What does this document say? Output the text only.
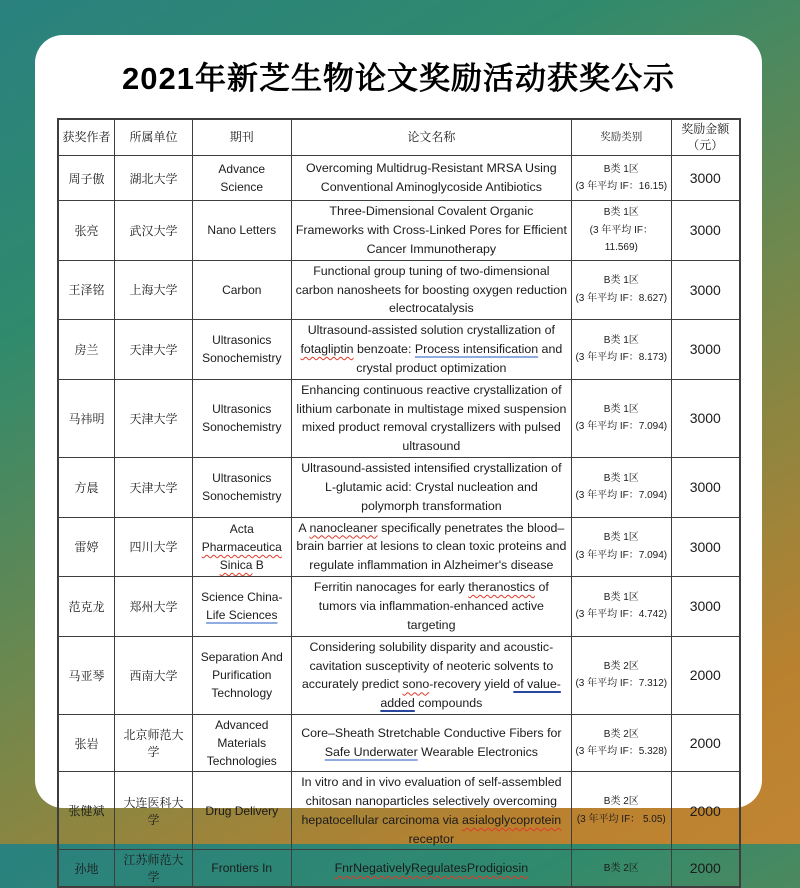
2021年新芝生物论文奖励活动获奖公示
获奖作者	所属单位	期刊	论文名称	奖励类别	奖励金额
（元）

周子傲	湖北大学	Advance Science	Overcoming Multidrug-Resistant MRSA Using Conventional Aminoglycoside Antibiotics	B类 1区
(3 年平均 IF：16.15)	3000
张亮	武汉大学	Nano Letters	Three-Dimensional Covalent Organic Frameworks with Cross-Linked Pores for Efficient Cancer Immunotherapy	B类 1区
(3 年平均 IF：
11.569)	3000
王泽铭	上海大学	Carbon	Functional group tuning of two-dimensional carbon nanosheets for boosting oxygen reduction electrocatalysis	B类 1区
(3 年平均 IF：8.627)	3000
房兰	天津大学	Ultrasonics Sonochemistry	Ultrasound-assisted solution crystallization of fotagliptin benzoate: Process intensification and crystal product optimization	B类 1区
(3 年平均 IF：8.173)	3000
马祎明	天津大学	Ultrasonics Sonochemistry	Enhancing continuous reactive crystallization of lithium carbonate in multistage mixed suspension mixed product removal crystallizers with pulsed ultrasound	B类 1区
(3 年平均 IF：7.094)	3000
方晨	天津大学	Ultrasonics Sonochemistry	Ultrasound-assisted intensified crystallization of L-glutamic acid: Crystal nucleation and polymorph transformation	B类 1区
(3 年平均 IF：7.094)	3000
雷婷	四川大学	Acta Pharmaceutica Sinica B	A nanocleaner specifically penetrates the blood– brain barrier at lesions to clean toxic proteins and regulate inflammation in Alzheimer's disease	B类 1区
(3 年平均 IF：7.094)	3000
范克龙	郑州大学	Science China-Life Sciences	Ferritin nanocages for early theranostics of tumors via inflammation-enhanced active targeting	B类 1区
(3 年平均 IF：4.742)	3000
马亚琴	西南大学	Separation And Purification Technology	Considering solubility disparity and acoustic-cavitation susceptivity of neoteric solvents to accurately predict sono-recovery yield of value-added compounds	B类 2区
(3 年平均 IF：7.312)	2000
张岩	北京师范大学	Advanced Materials Technologies	Core–Sheath Stretchable Conductive Fibers for Safe Underwater Wearable Electronics	B类 2区
(3 年平均 IF：5.328)	2000
张健斌	大连医科大学	Drug Delivery	In vitro and in vivo evaluation of self-assembled chitosan nanoparticles selectively overcoming hepatocellular carcinoma via asialoglycoprotein receptor	B类 2区
(3 年平均 IF： 5.05)	2000
孙地	江苏师范大学	Frontiers In	FnrNegativelyRegulatesProdigiosin	B类 2区	2000
